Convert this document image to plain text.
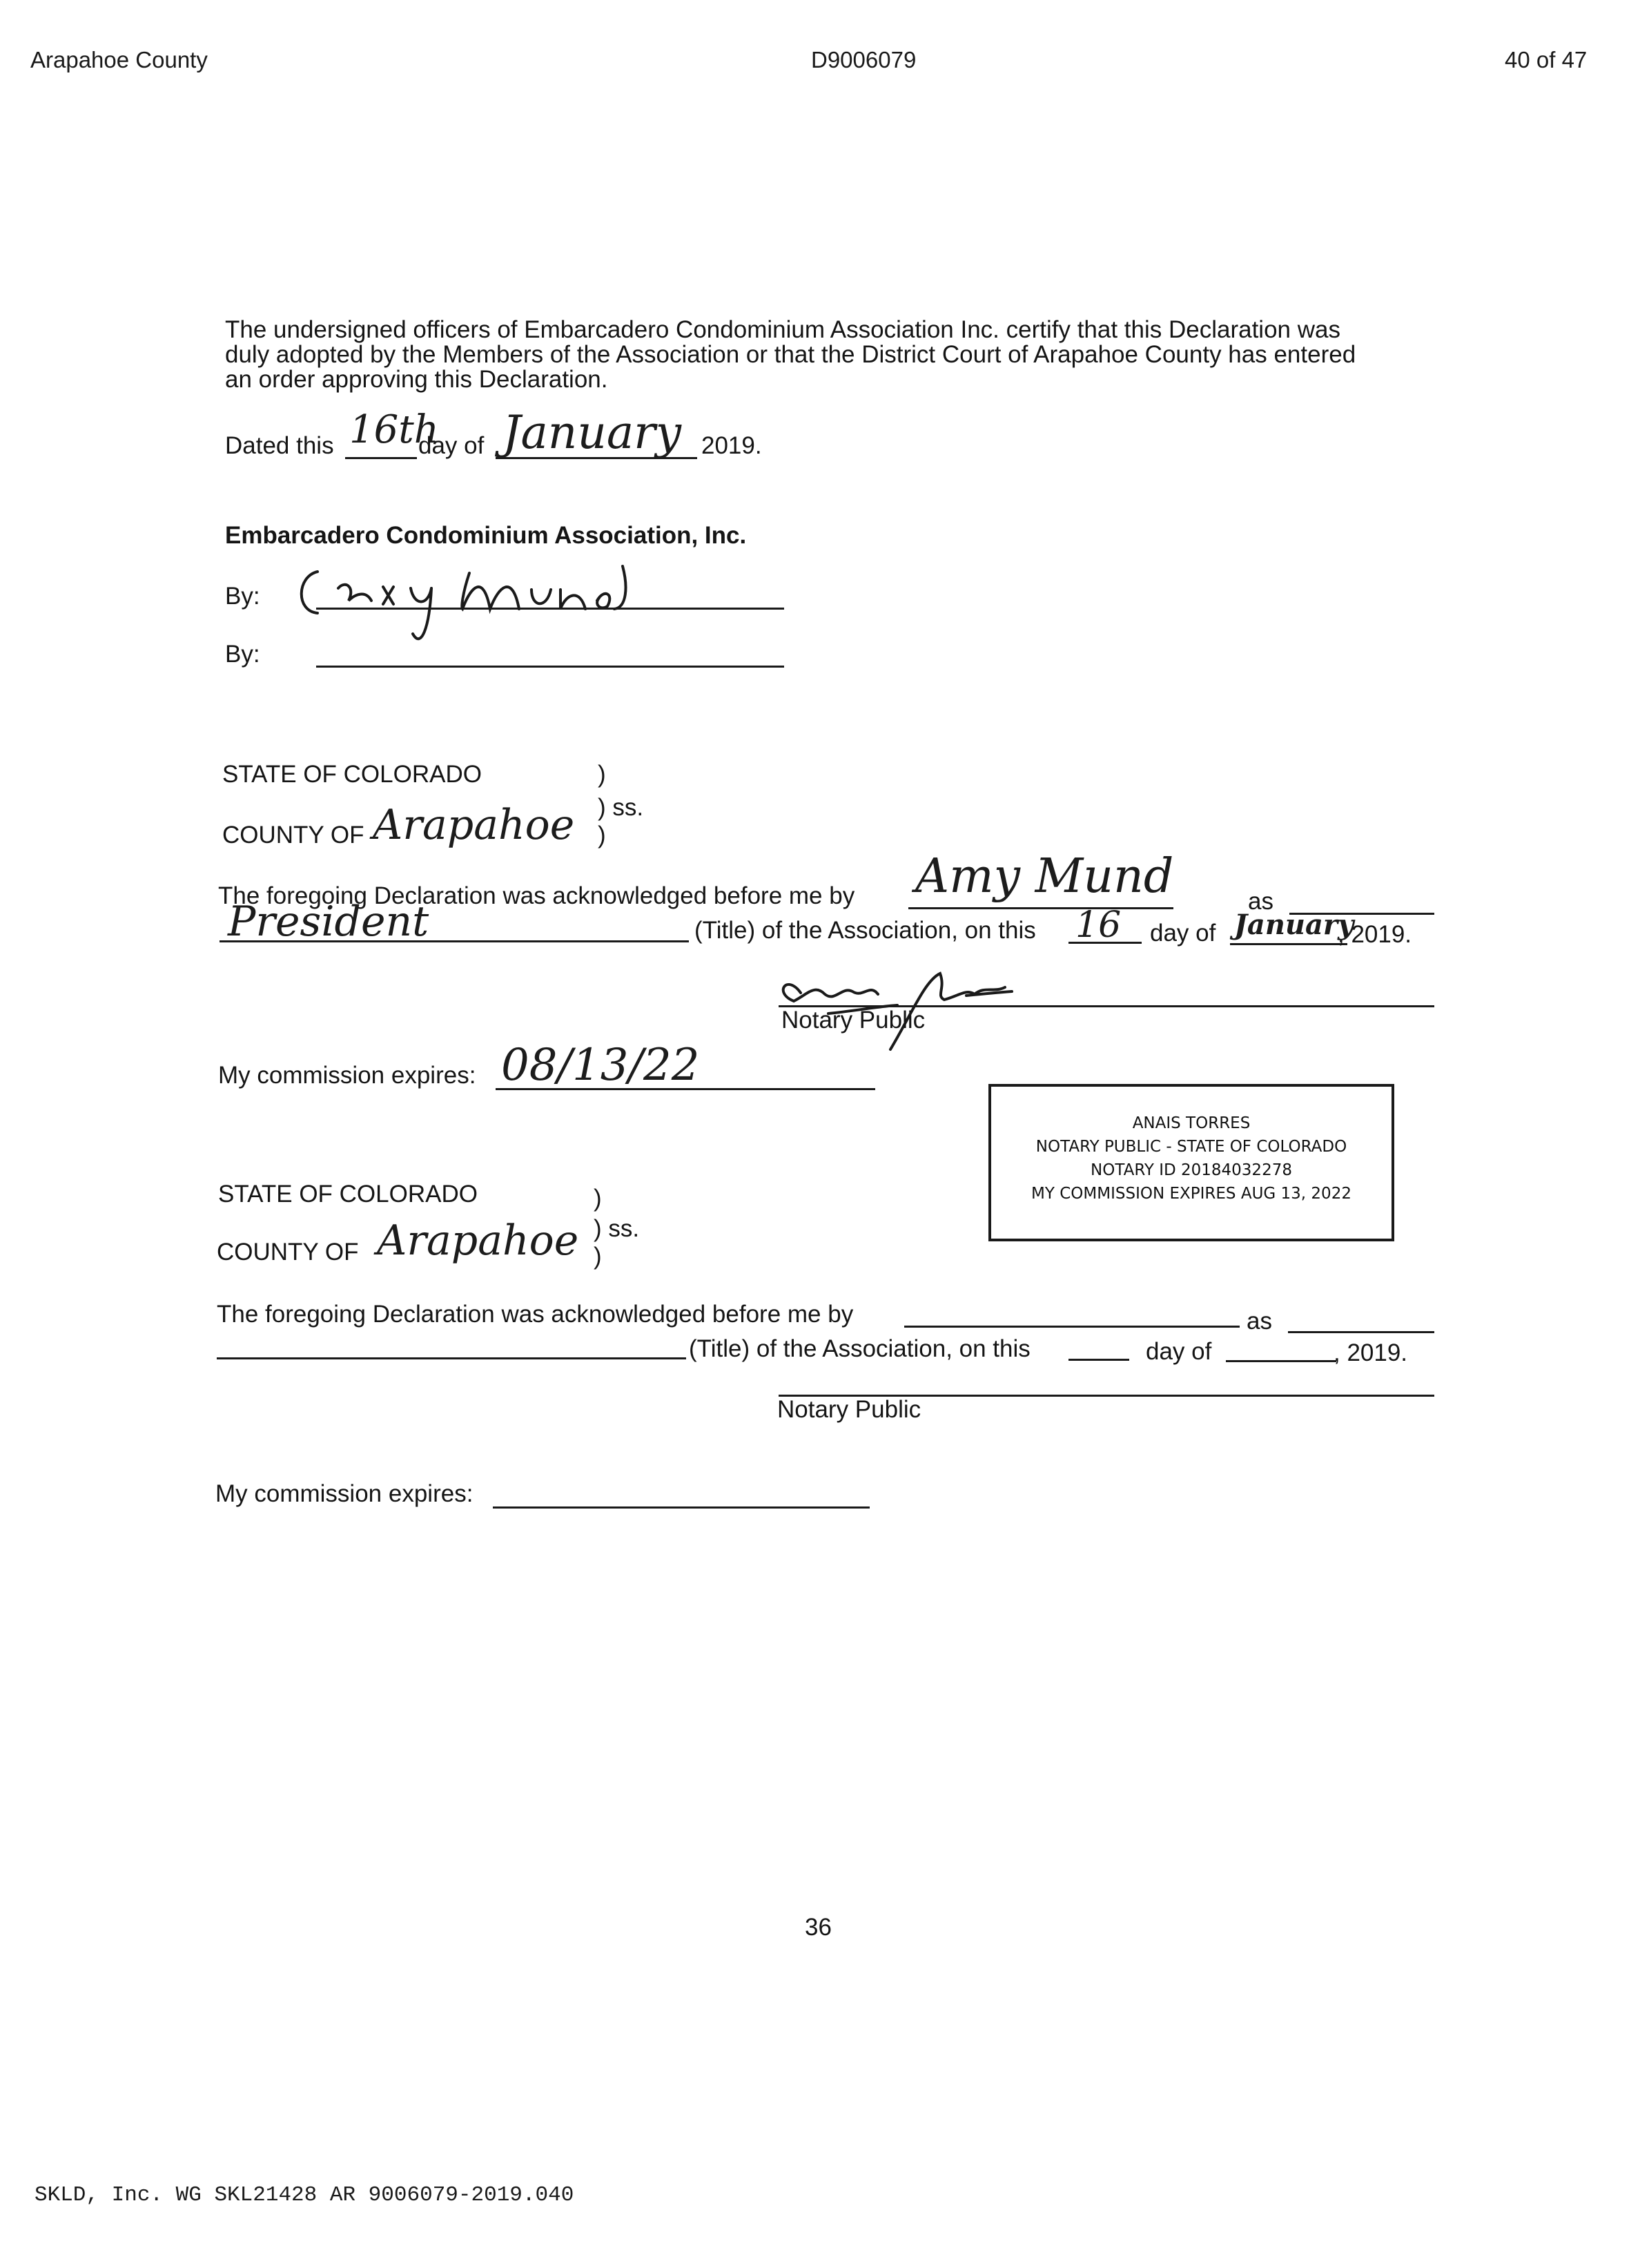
Arapahoe County	D9006079	40 of 47
The undersigned officers of Embarcadero Condominium Association Inc. certify that this Declaration was
duly adopted by the Members of the Association or that the District Court of Arapahoe County has entered
an order approving this Declaration.
Dated this 16th
day of January 2019.
Embarcadero Condominium Association, Inc.
By:
By:
STATE OF COLORADO	)
) ss.
COUNTY OF Arapahoe )
The foregoing Declaration was acknowledged before me by Amy Mund	as
President	(Title) of the Association, on this 16 day of January
, 2019.
Notary Public
My commission expires: 08/13/22
ANAIS TORRES
NOTARY PUBLIC - STATE OF COLORADO
NOTARY ID 20184032278
MY COMMISSION EXPIRES AUG 13, 2022
STATE OF COLORADO	)
) ss.
COUNTY OF Arapahoe )
The foregoing Declaration was acknowledged before me by	as
(Title) of the Association, on this	day of	, 2019.
Notary Public
My commission expires:
36
SKLD, Inc. WG SKL21428 AR 9006079-2019.040
